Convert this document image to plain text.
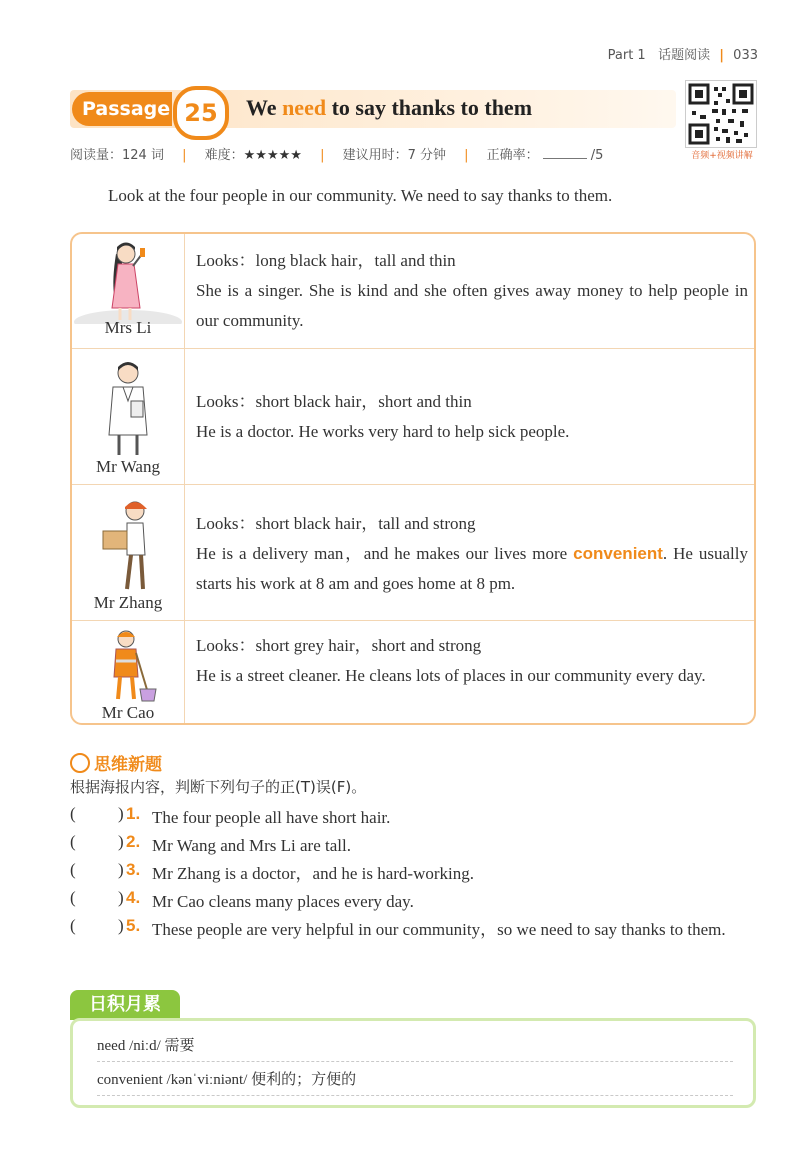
Part 1 话题阅读 | 033
Passage 25	We need to say thanks to them
音频+视频讲解
阅读量：124 词 | 难度：★★★★★ | 建议用时：7 分钟 | 正确率：	/5
Look at the four people in our community. We need to say thanks to them.
Mrs Li
Looks：long black hair，tall and thin
She is a singer. She is kind and she often gives away money to help people in our community.
Mr Wang
Looks：short black hair，short and thin
He is a doctor. He works very hard to help sick people.
Mr Zhang
Looks：short black hair，tall and strong
He is a delivery man，and he makes our lives more convenient. He usually starts his work at 8 am and goes home at 8 pm.
Mr Cao
Looks：short grey hair，short and strong
He is a street cleaner. He cleans lots of places in our community every day.
思维新题
根据海报内容，判断下列句子的正(T)误(F)。
( ) 1. The four people all have short hair.
( ) 2. Mr Wang and Mrs Li are tall.
( ) 3. Mr Zhang is a doctor，and he is hard-working.
( ) 4. Mr Cao cleans many places every day.
( ) 5. These people are very helpful in our community，so we need to say thanks to them.
日积月累
need /niːd/ 需要
convenient /kənˈviːniənt/ 便利的；方便的
